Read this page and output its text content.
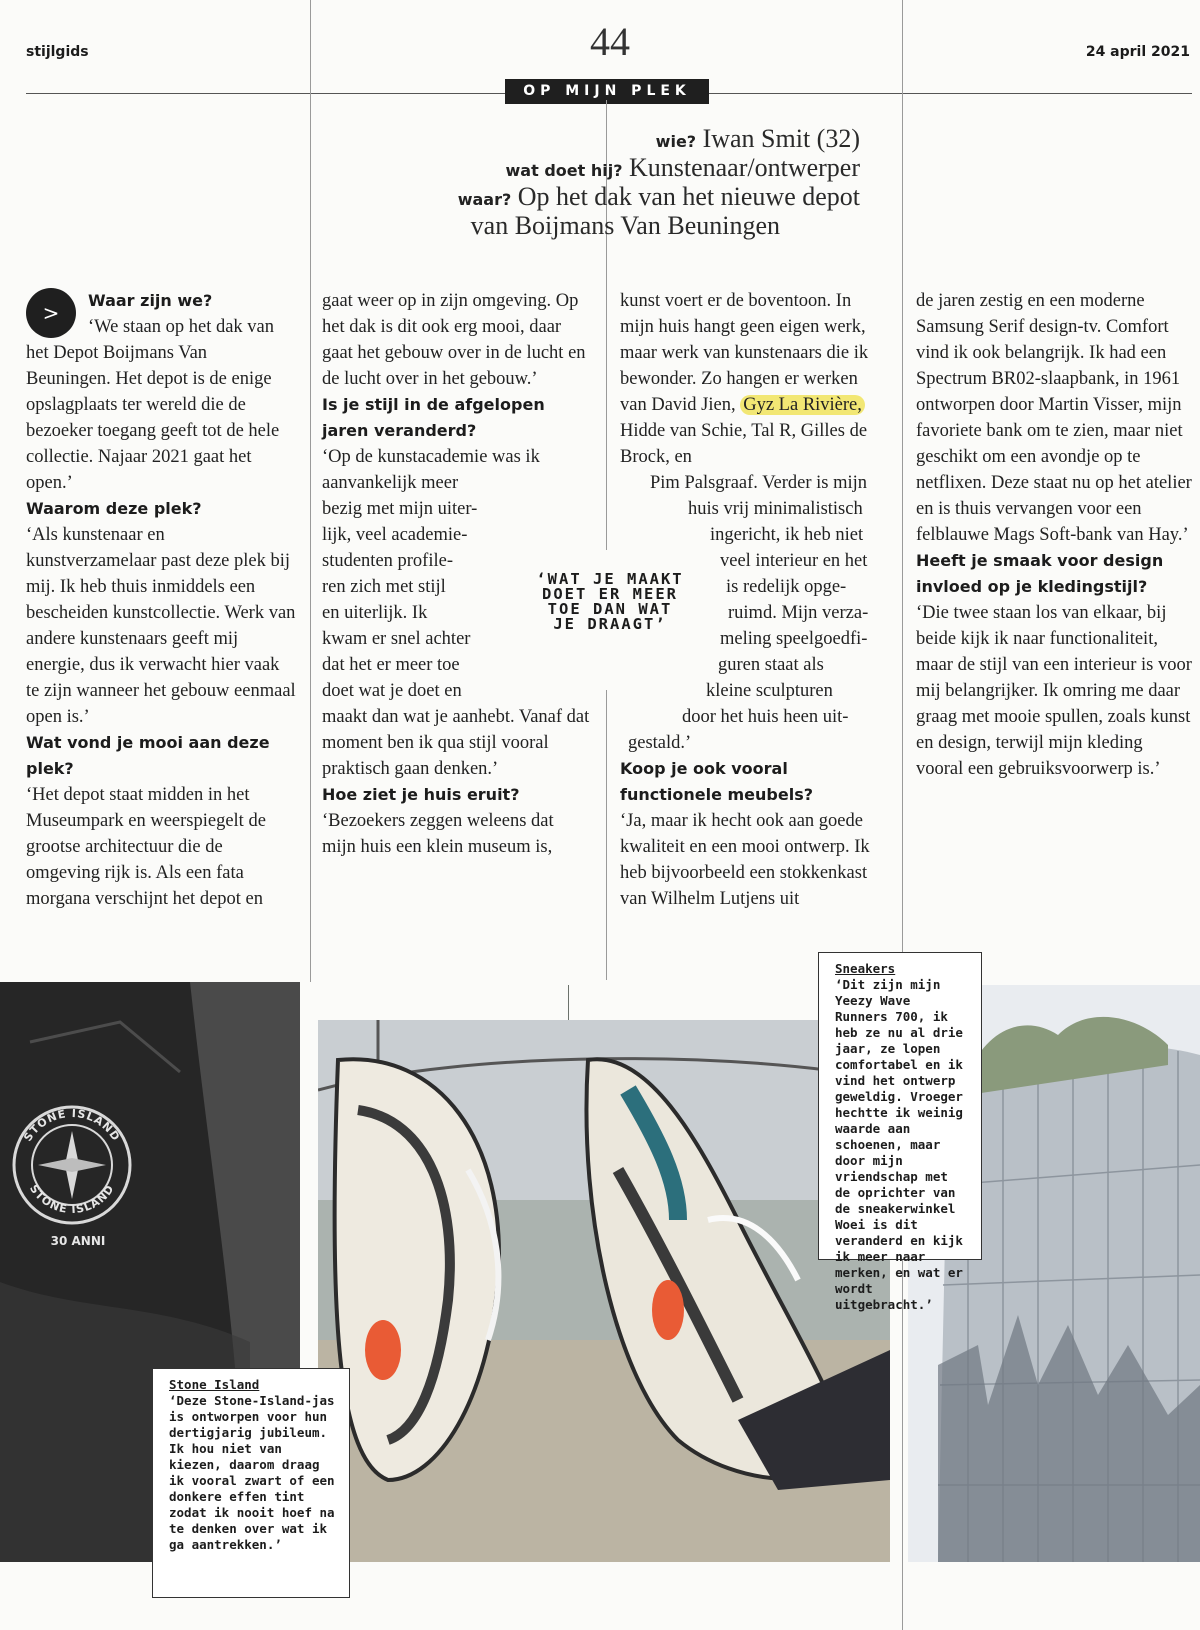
stijlgids	44	24 april 2021
OP MIJN PLEK
wie? Iwan Smit (32)
wat doet hij? Kunstenaar/ontwerper
waar? Op het dak van het nieuwe depot
van Boijmans Van Beuningen
>

Waar zijn we?

‘We staan op het dak van

het Depot Boijmans Van Beuningen. Het depot is de enige opslagplaats ter wereld die de bezoeker toegang geeft tot de hele collectie. Najaar 2021 gaat het open.’

Waarom deze plek?

‘Als kunstenaar en kunstverzamelaar past deze plek bij mij. Ik heb thuis inmiddels een bescheiden kunstcollectie. Werk van andere kunstenaars geeft mij energie, dus ik verwacht hier vaak te zijn wanneer het gebouw eenmaal open is.’

Wat vond je mooi aan deze plek?

‘Het depot staat midden in het Museumpark en weerspiegelt de grootse architectuur die de omgeving rijk is. Als een fata morgana verschijnt het depot en

gaat weer op in zijn omgeving. Op het dak is dit ook erg mooi, daar gaat het gebouw over in de lucht en de lucht over in het gebouw.’

Is je stijl in de afgelopen jaren veranderd?

‘Op de kunstacademie was ik

aanvankelijk meer

bezig met mijn uiter-

lijk, veel academie-

studenten profile-

ren zich met stijl

en uiterlijk. Ik

kwam er snel achter

dat het er meer toe

doet wat je doet en

maakt dan wat je aanhebt. Vanaf dat moment ben ik qua stijl vooral praktisch gaan denken.’

Hoe ziet je huis eruit?

‘Bezoekers zeggen weleens dat mijn huis een klein museum is,

kunst voert er de boventoon. In mijn huis hangt geen eigen werk, maar werk van kunstenaars die ik bewonder. Zo hangen er werken van David Jien, Gyz La Rivière, Hidde van Schie, Tal R, Gilles de Brock, en

Pim Palsgraaf. Verder is mijn

huis vrij minimalistisch

ingericht, ik heb niet

veel interieur en het

is redelijk opge-

ruimd. Mijn verza-

meling speelgoedfi-

guren staat als

kleine sculpturen

door het huis heen uit-

gestald.’

Koop je ook vooral functionele meubels?

‘Ja, maar ik hecht ook aan goede kwaliteit en een mooi ontwerp. Ik heb bijvoorbeeld een stokkenkast van Wilhelm Lutjens uit

de jaren zestig en een moderne Samsung Serif design-tv. Comfort vind ik ook belangrijk. Ik had een Spectrum BR02-slaapbank, in 1961 ontworpen door Martin Visser, mijn favoriete bank om te zien, maar niet geschikt om een avondje op te netflixen. Deze staat nu op het atelier en is thuis vervangen voor een felblauwe Mags Soft-bank van Hay.’

Heeft je smaak voor design invloed op je kledingstijl?

‘Die twee staan los van elkaar, bij beide kijk ik naar functionaliteit, maar de stijl van een interieur is voor mij belangrijker. Ik omring me daar graag met mooie spullen, zoals kunst en design, terwijl mijn kleding vooral een gebruiksvoorwerp is.’

‘WAT JE MAAKT DOET ER MEER TOE DAN WAT JE DRAAGT’
STONE ISLAND
STONE ISLAND
30 ANNI
Sneakers
‘Dit zijn mijn Yeezy Wave Runners 700, ik heb ze nu al drie jaar, ze lopen comfortabel en ik vind het ontwerp geweldig. Vroeger hechtte ik weinig waarde aan schoenen, maar door mijn vriendschap met de oprichter van de sneakerwinkel Woei is dit veranderd en kijk ik meer naar merken, en wat er wordt uitgebracht.’
Stone Island
‘Deze Stone-Island-jas is ontworpen voor hun dertigjarig jubileum. Ik hou niet van kiezen, daarom draag ik vooral zwart of een donkere effen tint zodat ik nooit hoef na te denken over wat ik ga aantrekken.’
